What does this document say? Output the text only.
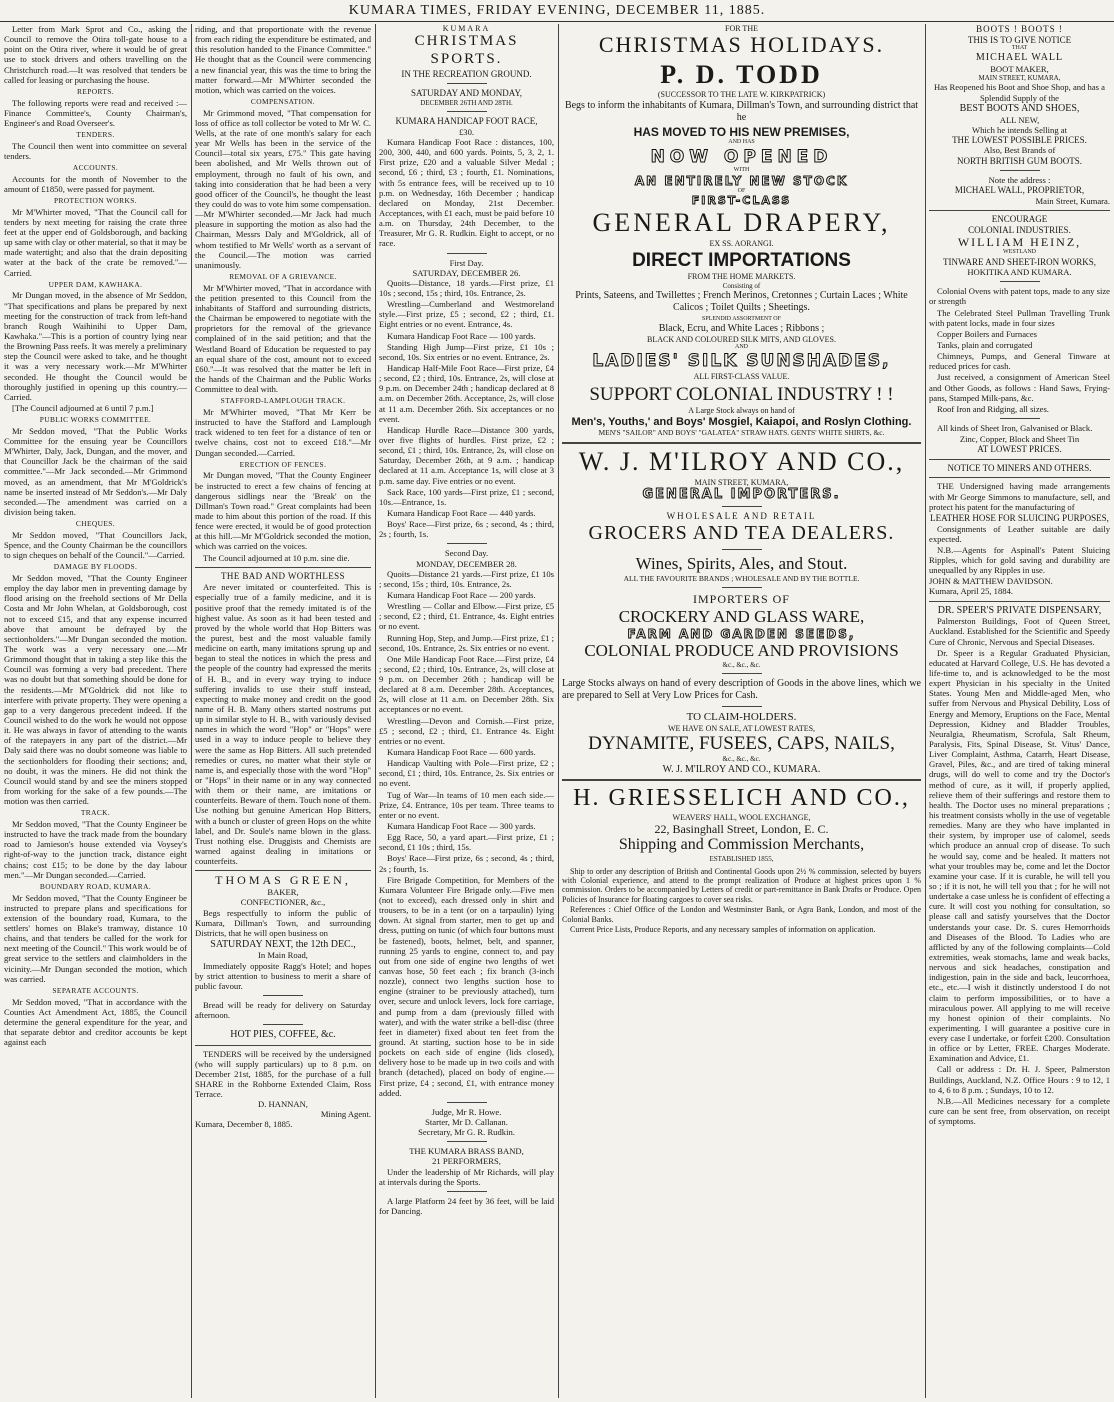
KUMARA TIMES, FRIDAY EVENING, DECEMBER 11, 1885.

Letter from Mark Sprot and Co., asking the Council to remove the Otira toll-gate house to a point on the Otira river, where it would be of great use to stock drivers and others travelling on the Christchurch road.—It was resolved that tenders be called for leasing or purchasing the house.

REPORTS.

The following reports were read and received :—Finance Committee's, County Chairman's, Engineer's and Road Overseer's.

TENDERS.

The Council then went into committee on several tenders.

ACCOUNTS.

Accounts for the month of November to the amount of £1850, were passed for payment.

PROTECTION WORKS.

Mr M'Whirter moved, "That the Council call for tenders by next meeting for raising the crate three feet at the upper end of Goldsborough, and backing up same with clay or other material, so that it may be made watertight; and also that the drain depositing water at the back of the crate be removed."—Carried.

UPPER DAM, KAWHAKA.

Mr Dungan moved, in the absence of Mr Seddon, "That specifications and plans be prepared by next meeting for the construction of track from left-hand branch Rough Waihinihi to Upper Dam, Kawhaka."—This is a portion of country lying near the Browning Pass reefs. It was merely a preliminary step the Council were asked to take, and he thought it was a very necessary work.—Mr M'Whirter seconded. He thought the Council would be thoroughly justified in opening up this country.—Carried.

[The Council adjourned at 6 until 7 p.m.]

PUBLIC WORKS COMMITTEE.

Mr Seddon moved, "That the Public Works Committee for the ensuing year be Councillors M'Whirter, Daly, Jack, Dungan, and the mover, and that Councillor Jack be the chairman of the said committee."—Mr Jack seconded.—Mr Grimmond moved, as an amendment, that Mr M'Goldrick's name be inserted instead of Mr Seddon's.—Mr Daly seconded.—The amendment was carried on a division being taken.

CHEQUES.

Mr Seddon moved, "That Councillors Jack, Spence, and the County Chairman be the councillors to sign cheques on behalf of the Council."—Carried.

DAMAGE BY FLOODS.

Mr Seddon moved, "That the County Engineer employ the day labor men in preventing damage by flood arising on the freehold sections of Mr Della Costa and Mr John Whelan, at Goldsborough, cost not to exceed £15, and that any expense incurred above that amount be defrayed by the sectionholders."—Mr Dungan seconded the motion. The work was a very necessary one.—Mr Grimmond thought that in taking a step like this the Council was forming a very bad precedent. There was no doubt but that something should be done for the residents.—Mr M'Goldrick did not like to interfere with private property. They were opening a gap to a very dangerous precedent indeed. If the Council wished to do the work he would not oppose it. He was always in favor of attending to the wants of the ratepayers in any part of the district.—Mr Daly said there was no doubt someone was liable to the sectionholders for flooding their sections; and, no doubt, it was the miners. He did not think the Council would stand by and see the miners stopped from working for the sake of a few pounds.—The motion was then carried.

TRACK.

Mr Seddon moved, "That the County Engineer be instructed to have the track made from the boundary road to Jamieson's house extended via Voysey's right-of-way to the junction track, distance eight chains; cost £15; to be done by the day labour men."—Mr Dungan seconded.—Carried.

BOUNDARY ROAD, KUMARA.

Mr Seddon moved, "That the County Engineer be instructed to prepare plans and specifications for extension of the boundary road, Kumara, to the settlers' homes on Blake's tramway, distance 10 chains, and that tenders be called for the work for next meeting of the Council." This work would be of great service to the settlers and claimholders in the vicinity.—Mr Dungan seconded the motion, which was carried.

SEPARATE ACCOUNTS.

Mr Seddon moved, "That in accordance with the Counties Act Amendment Act, 1885, the Council determine the general expenditure for the year, and that separate debtor and creditor accounts be kept against each

riding, and that proportionate with the revenue from each riding the expenditure be estimated, and this resolution handed to the Finance Committee." He thought that as the Council were commencing a new financial year, this was the time to bring the matter forward.—Mr M'Whirter seconded the motion, which was carried on the voices.

COMPENSATION.

Mr Grimmond moved, "That compensation for loss of office as toll collector be voted to Mr W. C. Wells, at the rate of one month's salary for each year Mr Wells has been in the service of the Council—total six years, £75." This gate having been abolished, and Mr Wells thrown out of employment, through no fault of his own, and taking into consideration that he had been a very good officer of the Council's, he thought the least they could do was to vote him some compensation.—Mr M'Whirter seconded.—Mr Jack had much pleasure in supporting the motion as also had the Chairman, Messrs Daly and M'Goldrick, all of whom testified to Mr Wells' worth as a servant of the Council.—The motion was carried unanimously.

REMOVAL OF A GRIEVANCE.

Mr M'Whirter moved, "That in accordance with the petition presented to this Council from the inhabitants of Stafford and surrounding districts, the Chairman be empowered to negotiate with the proprietors for the removal of the grievance complained of in the said petition; and that the Westland Board of Education be requested to pay an equal share of the cost, amount not to exceed £60."—It was resolved that the matter be left in the hands of the Chairman and the Public Works Committee to deal with.

STAFFORD-LAMPLOUGH TRACK.

Mr M'Whirter moved, "That Mr Kerr be instructed to have the Stafford and Lamplough track widened to ten feet for a distance of ten or twelve chains, cost not to exceed £18."—Mr Dungan seconded.—Carried.

ERECTION OF FENCES.

Mr Dungan moved, "That the County Engineer be instructed to erect a few chains of fencing at dangerous sidlings near the 'Break' on the Dillman's Town road." Great complaints had been made to him about this portion of the road. If this fence were erected, it would be of good protection at this hill.—Mr M'Goldrick seconded the motion, which was carried on the voices.

The Council adjourned at 10 p.m. sine die.

THE BAD AND WORTHLESS

Are never imitated or counterfeited. This is especially true of a family medicine, and it is positive proof that the remedy imitated is of the highest value. As soon as it had been tested and proved by the whole world that Hop Bitters was the purest, best and the most valuable family medicine on earth, many imitations sprung up and began to steal the notices in which the press and the people of the country had expressed the merits of H. B., and in every way trying to induce suffering invalids to use their stuff instead, expecting to make money and credit on the good name of H. B. Many others started nostrums put up in similar style to H. B., with variously devised names in which the word "Hop" or "Hops" were used in a way to induce people to believe they were the same as Hop Bitters. All such pretended remedies or cures, no matter what their style or name is, and especially those with the word "Hop" or "Hops" in their name or in any way connected with them or their name, are imitations or counterfeits. Beware of them. Touch none of them. Use nothing but genuine American Hop Bitters, with a bunch or cluster of green Hops on the white label, and Dr. Soule's name blown in the glass. Trust nothing else. Druggists and Chemists are warned against dealing in imitations or counterfeits.

THOMAS GREEN,
BAKER,
CONFECTIONER, &c.,

Begs respectfully to inform the public of Kumara, Dillman's Town, and surrounding Districts, that he will open business on

SATURDAY NEXT, the 12th DEC.,
In Main Road,

Immediately opposite Ragg's Hotel; and hopes by strict attention to business to merit a share of public favour.

Bread will be ready for delivery on Saturday afternoon.

HOT PIES, COFFEE, &c.

TENDERS will be received by the undersigned (who will supply particulars) up to 8 p.m. on December 21st, 1885, for the purchase of a full SHARE in the Rohborne Extended Claim, Ross Terrace.

D. HANNAN,
Mining Agent.
Kumara, December 8, 1885.
KUMARA
CHRISTMAS SPORTS.
IN THE RECREATION GROUND.
SATURDAY AND MONDAY,
DECEMBER 26TH AND 28TH.
KUMARA HANDICAP FOOT RACE,
£30.

Kumara Handicap Foot Race : distances, 100, 200, 300, 440, and 600 yards. Points, 5, 3, 2, 1. First prize, £20 and a valuable Silver Medal ; second, £6 ; third, £3 ; fourth, £1. Nominations, with 5s entrance fees, will be received up to 10 p.m. on Wednesday, 16th December ; handicap declared on Monday, 21st December. Acceptances, with £1 each, must be paid before 10 a.m. on Thursday, 24th December, to the Treasurer, Mr G. R. Rudkin. Eight to accept, or no race.

First Day.
SATURDAY, DECEMBER 26.

Quoits—Distance, 18 yards.—First prize, £1 10s ; second, 15s ; third, 10s. Entrance, 2s.

Wrestling—Cumberland and Westmoreland style.—First prize, £5 ; second, £2 ; third, £1. Eight entries or no event. Entrance, 4s.

Kumara Handicap Foot Race — 100 yards.

Standing High Jump—First prize, £1 10s ; second, 10s. Six entries or no event. Entrance, 2s.

Handicap Half-Mile Foot Race—First prize, £4 ; second, £2 ; third, 10s. Entrance, 2s, will close at 9 p.m. on December 24th ; handicap declared at 8 a.m. on December 26th. Acceptance, 2s, will close at 11 a.m. December 26th. Six acceptances or no event.

Handicap Hurdle Race—Distance 300 yards, over five flights of hurdles. First prize, £2 ; second, £1 ; third, 10s. Entrance, 2s, will close on Saturday, December 26th, at 9 a.m. ; handicap declared at 11 a.m. Acceptance 1s, will close at 3 p.m. same day. Five entries or no event.

Sack Race, 100 yards—First prize, £1 ; second, 10s.—Entrance, 1s.

Kumara Handicap Foot Race — 440 yards.

Boys' Race—First prize, 6s ; second, 4s ; third, 2s ; fourth, 1s.

Second Day.
MONDAY, DECEMBER 28.

Quoits—Distance 21 yards.—First prize, £1 10s ; second, 15s ; third, 10s. Entrance, 2s.

Kumara Handicap Foot Race — 200 yards.

Wrestling — Collar and Elbow.—First prize, £5 ; second, £2 ; third, £1. Entrance, 4s. Eight entries or no event.

Running Hop, Step, and Jump.—First prize, £1 ; second, 10s. Entrance, 2s. Six entries or no event.

One Mile Handicap Foot Race.—First prize, £4 ; second, £2 ; third, 10s. Entrance, 2s, will close at 9 p.m. on December 26th ; handicap will be declared at 8 a.m. December 28th. Acceptances, 2s, will close at 11 a.m. on December 28th. Six acceptances or no event.

Wrestling—Devon and Cornish.—First prize, £5 ; second, £2 ; third, £1. Entrance 4s. Eight entries or no event.

Kumara Handicap Foot Race — 600 yards.

Handicap Vaulting with Pole—First prize, £2 ; second, £1 ; third, 10s. Entrance, 2s. Six entries or no event.

Tug of War—In teams of 10 men each side.—Prize, £4. Entrance, 10s per team. Three teams to enter or no event.

Kumara Handicap Foot Race — 300 yards.

Egg Race, 50, a yard apart.—First prize, £1 ; second, £1 10s ; third, 15s.

Boys' Race—First prize, 6s ; second, 4s ; third, 2s ; fourth, 1s.

Fire Brigade Competition, for Members of the Kumara Volunteer Fire Brigade only.—Five men (not to exceed), each dressed only in shirt and trousers, to be in a tent (or on a tarpaulin) lying down. At signal from starter, men to get up and dress, putting on tunic (of which four buttons must be fastened), boots, helmet, belt, and spanner, running 25 yards to engine, connect to, and pay out from one side of engine two lengths of wet canvas hose, 50 feet each ; fix branch (3-inch nozzle), connect two lengths suction hose to engine (strainer to be previously attached), turn over, secure and unlock levers, lock fore carriage, and pump from a dam (previously filled with water), and with the water strike a bell-disc (three feet in diameter) fixed about ten feet from the ground. At starting, suction hose to be in side pockets on each side of engine (lids closed), delivery hose to be made up in two coils and with branch (detached), placed on body of engine.—First prize, £4 ; second, £1, with entrance money added.

Judge, Mr R. Howe.
Starter, Mr D. Callanan.
Secretary, Mr G. R. Rudkin.
THE KUMARA BRASS BAND,
21 PERFORMERS,

Under the leadership of Mr Richards, will play at intervals during the Sports.

A large Platform 24 feet by 36 feet, will be laid for Dancing.

FOR THE
CHRISTMAS HOLIDAYS.
P. D. TODD
(SUCCESSOR TO THE LATE W. KIRKPATRICK)
Begs to inform the inhabitants of Kumara, Dillman's Town, and surrounding district that he
HAS MOVED TO HIS NEW PREMISES,
AND HAS
NOW OPENED
WITH
AN ENTIRELY NEW STOCK
OF
FIRST-CLASS
GENERAL DRAPERY,
EX SS. AORANGI.
DIRECT IMPORTATIONS
FROM THE HOME MARKETS.
Consisting of
Prints, Sateens, and Twillettes ; French Merinos, Cretonnes ; Curtain Laces ; White Calicos ; Toilet Quilts ; Sheetings.
SPLENDID ASSORTMENT OF
Black, Ecru, and White Laces ; Ribbons ;
BLACK AND COLOURED SILK MITS, AND GLOVES.
AND
LADIES' SILK SUNSHADES,
ALL FIRST-CLASS VALUE.
SUPPORT COLONIAL INDUSTRY ! !
A Large Stock always on hand of
Men's, Youths,' and Boys' Mosgiel, Kaiapoi, and Roslyn Clothing.
MEN'S "SAILOR" AND BOYS' "GALATEA" STRAW HATS. GENTS' WHITE SHIRTS, &c.
W. J. M'ILROY AND CO.,
MAIN STREET, KUMARA,
GENERAL IMPORTERS.
WHOLESALE AND RETAIL
GROCERS AND TEA DEALERS.
Wines, Spirits, Ales, and Stout.
ALL THE FAVOURITE BRANDS ; WHOLESALE AND BY THE BOTTLE.
IMPORTERS OF
CROCKERY AND GLASS WARE,
FARM AND GARDEN SEEDS,
COLONIAL PRODUCE AND PROVISIONS
&c., &c., &c.
Large Stocks always on hand of every description of Goods in the above lines, which we are prepared to Sell at Very Low Prices for Cash.
TO CLAIM-HOLDERS.
WE HAVE ON SALE, AT LOWEST RATES,
DYNAMITE, FUSEES, CAPS, NAILS,
&c., &c., &c.
W. J. M'ILROY AND CO., KUMARA.
H. GRIESSELICH AND CO.,
WEAVERS' HALL, WOOL EXCHANGE,
22, Basinghall Street, London, E. C.
Shipping and Commission Merchants,
ESTABLISHED 1855,

Ship to order any description of British and Continental Goods upon 2½ % commission, selected by buyers with Colonial experience, and attend to the prompt realization of Produce at highest prices upon 1 % commission. Orders to be accompanied by Letters of credit or part-remittance in Bank Drafts or Produce. Open Policies of Insurance for floating cargoes to cover sea risks.

References : Chief Office of the London and Westminster Bank, or Agra Bank, London, and most of the Colonial Banks.

Current Price Lists, Produce Reports, and any necessary samples of information on application.

BOOTS ! BOOTS !
THIS IS TO GIVE NOTICE
THAT
MICHAEL WALL
BOOT MAKER,
MAIN STREET, KUMARA,
Has Reopened his Boot and Shoe Shop, and has a
Splendid Supply of the
BEST BOOTS AND SHOES,
ALL NEW,
Which he intends Selling at
THE LOWEST POSSIBLE PRICES.
Also, Best Brands of
NORTH BRITISH GUM BOOTS.
Note the address :
MICHAEL WALL, PROPRIETOR,
Main Street, Kumara.
ENCOURAGE
COLONIAL INDUSTRIES.
WILLIAM HEINZ,
WESTLAND
TINWARE AND SHEET-IRON WORKS,
HOKITIKA AND KUMARA.

Colonial Ovens with patent tops, made to any size or strength

The Celebrated Steel Pullman Travelling Trunk with patent locks, made in four sizes

Copper Boilers and Furnaces

Tanks, plain and corrugated

Chimneys, Pumps, and General Tinware at reduced prices for cash.

Just received, a consignment of American Steel and Other Goods, as follows : Hand Saws, Frying-pans, Stamped Milk-pans, &c.

Roof Iron and Ridging, all sizes.

All kinds of Sheet Iron, Galvanised or Black.

Zinc, Copper, Block and Sheet Tin
AT LOWEST PRICES.
NOTICE TO MINERS AND OTHERS.

THE Undersigned having made arrangements with Mr George Simmons to manufacture, sell, and protect his patent for the manufacturing of

LEATHER HOSE FOR SLUICING PURPOSES,

Consignments of Leather suitable are daily expected.

N.B.—Agents for Aspinall's Patent Sluicing Ripples, which for gold saving and durability are unequalled by any Ripples in use.

JOHN & MATTHEW DAVIDSON.
Kumara, April 25, 1884.
DR. SPEER'S PRIVATE DISPENSARY,

Palmerston Buildings, Foot of Queen Street, Auckland. Established for the Scientific and Speedy Cure of Chronic, Nervous and Special Diseases.

Dr. Speer is a Regular Graduated Physician, educated at Harvard College, U.S. He has devoted a life-time to, and is acknowledged to be the most expert Physician in his specialty in the United States. Young Men and Middle-aged Men, who suffer from Nervous and Physical Debility, Loss of Energy and Memory, Eruptions on the Face, Mental Depression, Kidney and Bladder Troubles, Neuralgia, Rheumatism, Scrofula, Salt Rheum, Paralysis, Fits, Spinal Disease, St. Vitus' Dance, Liver Complaint, Asthma, Catarrh, Heart Disease, Gravel, Piles, &c., and are tired of taking mineral drugs, will do well to come and try the Doctor's method of cure, as it will, if properly applied, relieve them of their sufferings and restore them to health. The Doctor uses no mineral preparations ; his treatment consists wholly in the use of vegetable remedies. Many are they who have implanted in their system, by improper use of calomel, seeds which produce an annual crop of disease. To such he would say, come and be healed. It matters not what your troubles may be, come and let the Doctor examine your case. If it is curable, he will tell you so ; if it is not, he will tell you that ; for he will not undertake a case unless he is confident of effecting a cure. It will cost you nothing for consultation, so please call and satisfy yourselves that the Doctor understands your case. Dr. S. cures Hemorrhoids and Diseases of the Blood. To Ladies who are afflicted by any of the following complaints—Cold extremities, weak stomachs, lame and weak backs, nervous and sick headaches, constipation and indigestion, pain in the side and back, leucorrhoea, etc., etc.—I wish it distinctly understood I do not claim to perform impossibilities, or to have a miraculous power. All applying to me will receive my honest opinion of their complaints. No experimenting. I will guarantee a positive cure in every case I undertake, or forfeit £200. Consultation in office or by Letter, FREE. Charges Moderate. Examination and Advice, £1.

Call or address : Dr. H. J. Speer, Palmerston Buildings, Auckland, N.Z. Office Hours : 9 to 12, 1 to 4, 6 to 8 p.m. ; Sundays, 10 to 12.

N.B.—All Medicines necessary for a complete cure can be sent free, from observation, on receipt of symptoms.
